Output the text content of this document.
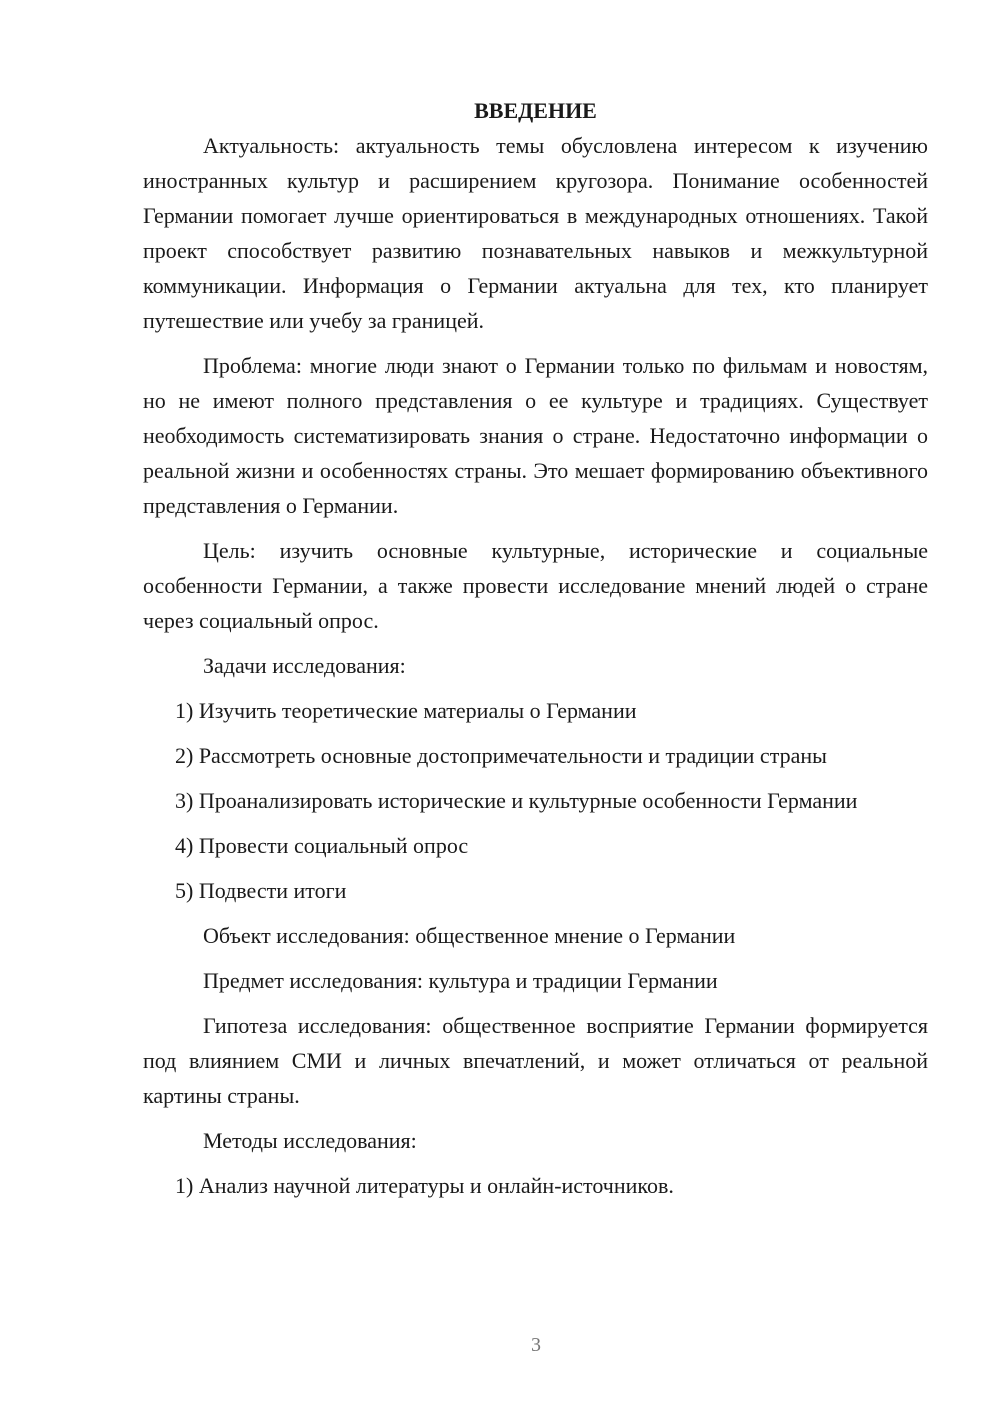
ВВЕДЕНИЕ

Актуальность: актуальность темы обусловлена интересом к изучению иностранных культур и расширением кругозора. Понимание особенностей Германии помогает лучше ориентироваться в международных отношениях. Такой проект способствует развитию познавательных навыков и межкультурной коммуникации. Информация о Германии актуальна для тех, кто планирует путешествие или учебу за границей.

Проблема: многие люди знают о Германии только по фильмам и новостям, но не имеют полного представления о ее культуре и традициях. Существует необходимость систематизировать знания о стране. Недостаточно информации о реальной жизни и особенностях страны. Это мешает формированию объективного представления о Германии.

Цель: изучить основные культурные, исторические и социальные особенности Германии, а также провести исследование мнений людей о стране через социальный опрос.

Задачи исследования:

1) Изучить теоретические материалы о Германии

2) Рассмотреть основные достопримечательности и традиции страны

3) Проанализировать исторические и культурные особенности Германии

4) Провести социальный опрос

5) Подвести итоги

Объект исследования: общественное мнение о Германии

Предмет исследования: культура и традиции Германии

Гипотеза исследования: общественное восприятие Германии формируется под влиянием СМИ и личных впечатлений, и может отличаться от реальной картины страны.

Методы исследования:

1) Анализ научной литературы и онлайн-источников.

3
